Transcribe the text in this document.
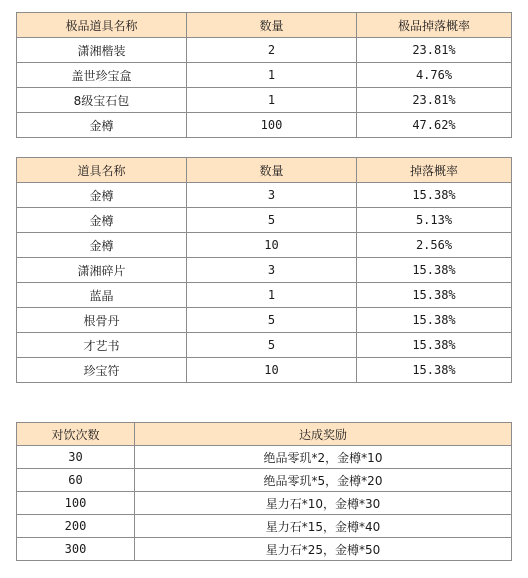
极品道具名称	数量	极品掉落概率
潇湘楷装	2	23.81%
盖世珍宝盒	1	4.76%
8级宝石包	1	23.81%
金樽	100	47.62%
道具名称	数量	掉落概率
金樽	3	15.38%
金樽	5	5.13%
金樽	10	2.56%
潇湘碎片	3	15.38%
蓝晶	1	15.38%
根骨丹	5	15.38%
才艺书	5	15.38%
珍宝符	10	15.38%
对饮次数	达成奖励
30	绝品零玑*2，金樽*10
60	绝品零玑*5，金樽*20
100	星力石*10，金樽*30
200	星力石*15，金樽*40
300	星力石*25，金樽*50
